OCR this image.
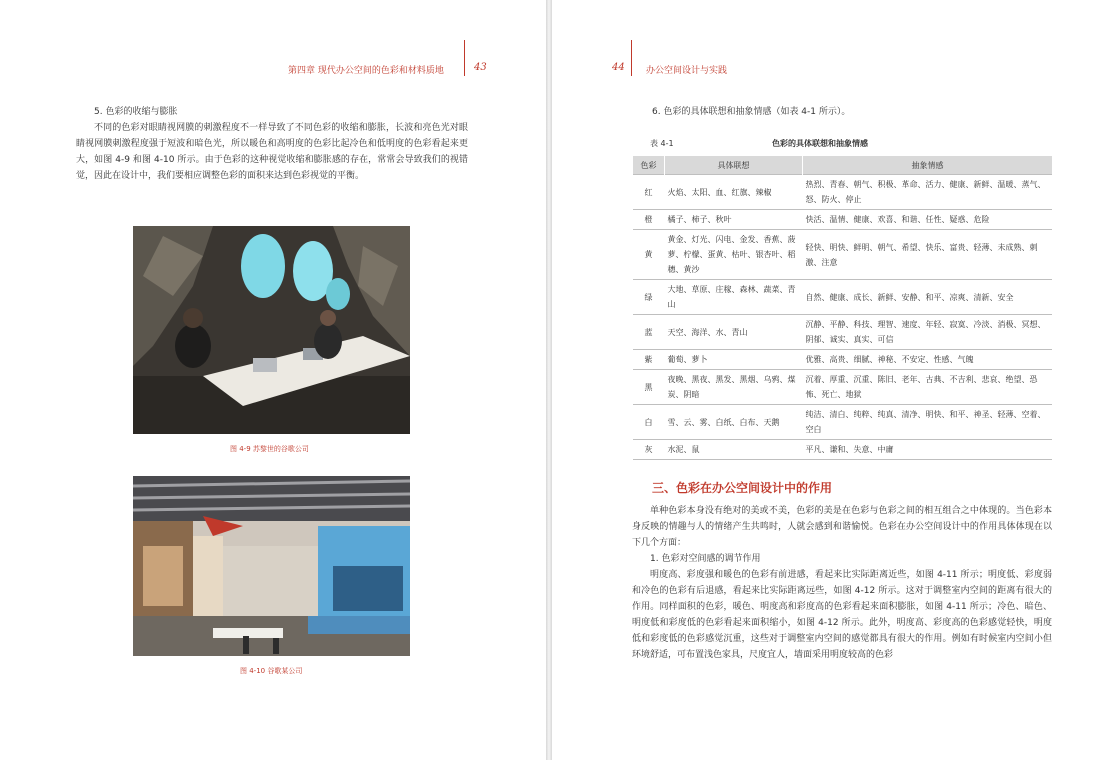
第四章 现代办公空间的色彩和材料质地	43

5. 色彩的收缩与膨胀

不同的色彩对眼睛视网膜的刺激程度不一样导致了不同色彩的收缩和膨胀，长波和亮色光对眼睛视网膜刺激程度强于短波和暗色光，所以暖色和高明度的色彩比起冷色和低明度的色彩看起来更大，如图 4-9 和图 4-10 所示。由于色彩的这种视觉收缩和膨胀感的存在，常常会导致我们的视错觉，因此在设计中，我们要相应调整色彩的面积来达到色彩视觉的平衡。

图 4-9 苏黎世的谷歌公司
图 4-10 谷歌某公司
44 办公空间设计与实践
6. 色彩的具体联想和抽象情感（如表 4-1 所示）。
表 4-1	色彩的具体联想和抽象情感
色彩	具体联想	抽象情感
红	火焰、太阳、血、红旗、辣椒	热烈、青春、朝气、积极、革命、活力、健康、新鲜、温暖、蒸气、怒、防火、停止
橙	橘子、柿子、秋叶	快活、温情、健康、欢喜、和谐、任性、疑惑、危险
黄	黄金、灯光、闪电、金发、香蕉、菠萝、柠檬、蛋黄、枯叶、银杏叶、稻穗、黄沙	轻快、明快、鲜明、朝气、希望、快乐、富贵、轻薄、未成熟、刺激、注意
绿	大地、草原、庄稼、森林、蔬菜、青山	自然、健康、成长、新鲜、安静、和平、凉爽、清新、安全
蓝	天空、海洋、水、青山	沉静、平静、科技、理智、速度、年轻、寂寞、冷淡、消极、冥想、阴郁、诚实、真实、可信
紫	葡萄、萝卜	优雅、高贵、细腻、神秘、不安定、性感、气魄
黑	夜晚、黑夜、黑发、黑烟、乌鸦、煤炭、阴暗	沉着、厚重、沉重、陈旧、老年、古典、不吉利、悲哀、绝望、恐怖、死亡、地狱
白	雪、云、雾、白纸、白布、天鹅	纯洁、清白、纯粹、纯真、清净、明快、和平、神圣、轻薄、空着、空白
灰	水泥、鼠	平凡、谦和、失意、中庸
三、色彩在办公空间设计中的作用

单种色彩本身没有绝对的美或不美，色彩的美是在色彩与色彩之间的相互组合之中体现的。当色彩本身反映的情趣与人的情绪产生共鸣时，人就会感到和谐愉悦。色彩在办公空间设计中的作用具体体现在以下几个方面：

1. 色彩对空间感的调节作用

明度高、彩度强和暖色的色彩有前进感，看起来比实际距离近些，如图 4-11 所示；明度低、彩度弱和冷色的色彩有后退感，看起来比实际距离远些，如图 4-12 所示。这对于调整室内空间的距离有很大的作用。同样面积的色彩，暖色、明度高和彩度高的色彩看起来面积膨胀，如图 4-11 所示；冷色、暗色、明度低和彩度低的色彩看起来面积缩小，如图 4-12 所示。此外，明度高、彩度高的色彩感觉轻快，明度低和彩度低的色彩感觉沉重，这些对于调整室内空间的感觉都具有很大的作用。例如有时候室内空间小但环境舒适，可布置浅色家具，尺度宜人，墙面采用明度较高的色彩
